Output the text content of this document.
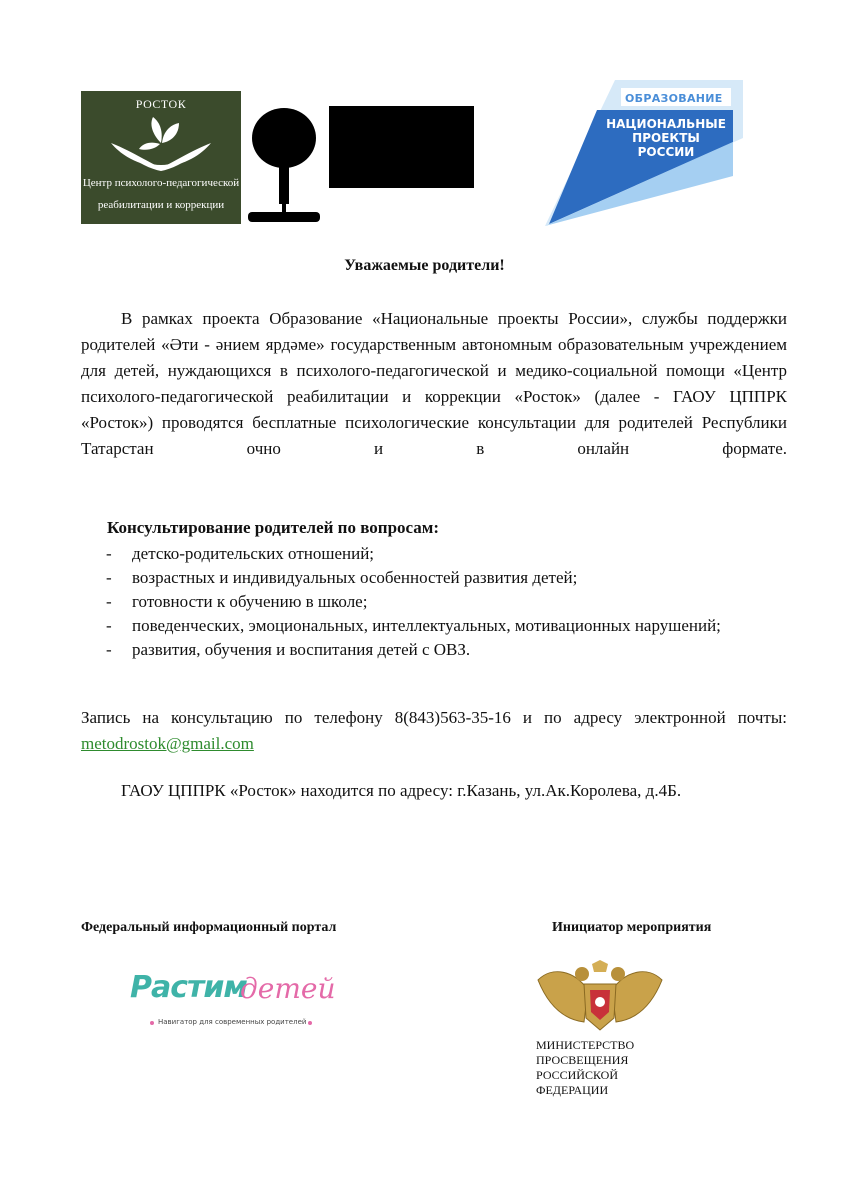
РОСТОК
Центр психолого-педагогической
реабилитации и коррекции
ОБРАЗОВАНИЕ
НАЦИОНАЛЬНЫЕ
ПРОЕКТЫ
РОССИИ
Уважаемые родители!
В рамках проекта Образование «Национальные проекты России», службы поддержки родителей «Әти - әнием ярдәме» государственным автономным образовательным учреждением для детей, нуждающихся в психолого-педагогической и медико-социальной помощи «Центр психолого-педагогической реабилитации и коррекции «Росток» (далее - ГАОУ ЦППРК «Росток») проводятся бесплатные психологические консультации для родителей Республики Татарстан очно и в онлайн формате.
Консультирование родителей по вопросам:
- детско-родительских отношений;
- возрастных и индивидуальных особенностей развития детей;
- готовности к обучению в школе;
- поведенческих, эмоциональных, интеллектуальных, мотивационных нарушений;
- развития, обучения и воспитания детей с ОВЗ.
Запись на консультацию по телефону 8(843)563-35-16 и по адресу электронной почты: metodrostok@gmail.com
ГАОУ ЦППРК «Росток» находится по адресу: г.Казань, ул.Ак.Королева, д.4Б.
Федеральный информационный портал	Инициатор мероприятия
Растим
детей
Навигатор для современных родителей
МИНИСТЕРСТВО
ПРОСВЕЩЕНИЯ
РОССИЙСКОЙ
ФЕДЕРАЦИИ
